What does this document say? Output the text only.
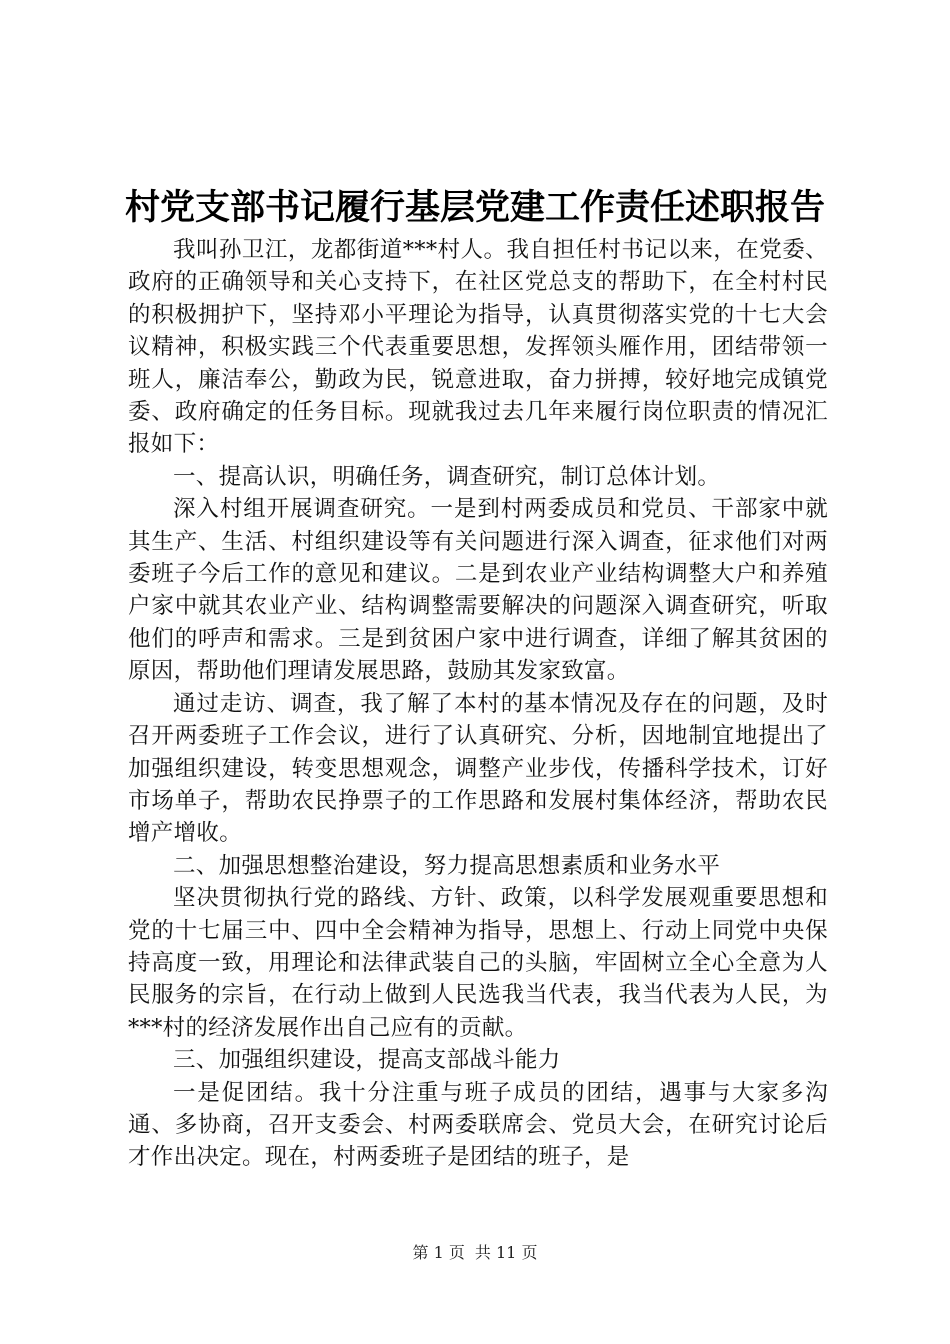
村党支部书记履行基层党建工作责任述职报告

我叫孙卫江，龙都街道***村人。我自担任村书记以来，在党委、政府的正确领导和关心支持下，在社区党总支的帮助下，在全村村民的积极拥护下，坚持邓小平理论为指导，认真贯彻落实党的十七大会议精神，积极实践三个代表重要思想，发挥领头雁作用，团结带领一班人，廉洁奉公，勤政为民，锐意进取，奋力拼搏，较好地完成镇党委、政府确定的任务目标。现就我过去几年来履行岗位职责的情况汇报如下：

一、提高认识，明确任务，调查研究，制订总体计划。

深入村组开展调查研究。一是到村两委成员和党员、干部家中就其生产、生活、村组织建设等有关问题进行深入调查，征求他们对两委班子今后工作的意见和建议。二是到农业产业结构调整大户和养殖户家中就其农业产业、结构调整需要解决的问题深入调查研究，听取他们的呼声和需求。三是到贫困户家中进行调查，详细了解其贫困的原因，帮助他们理请发展思路，鼓励其发家致富。

通过走访、调查，我了解了本村的基本情况及存在的问题，及时召开两委班子工作会议，进行了认真研究、分析，因地制宜地提出了加强组织建设，转变思想观念，调整产业步伐，传播科学技术，订好市场单子，帮助农民挣票子的工作思路和发展村集体经济，帮助农民增产增收。

二、加强思想整治建设，努力提高思想素质和业务水平

坚决贯彻执行党的路线、方针、政策，以科学发展观重要思想和党的十七届三中、四中全会精神为指导，思想上、行动上同党中央保持高度一致，用理论和法律武装自己的头脑，牢固树立全心全意为人民服务的宗旨，在行动上做到人民选我当代表，我当代表为人民，为***村的经济发展作出自己应有的贡献。

三、加强组织建设，提高支部战斗能力

一是促团结。我十分注重与班子成员的团结，遇事与大家多沟通、多协商，召开支委会、村两委联席会、党员大会，在研究讨论后才作出决定。现在，村两委班子是团结的班子，是

第 1 页 共 11 页
